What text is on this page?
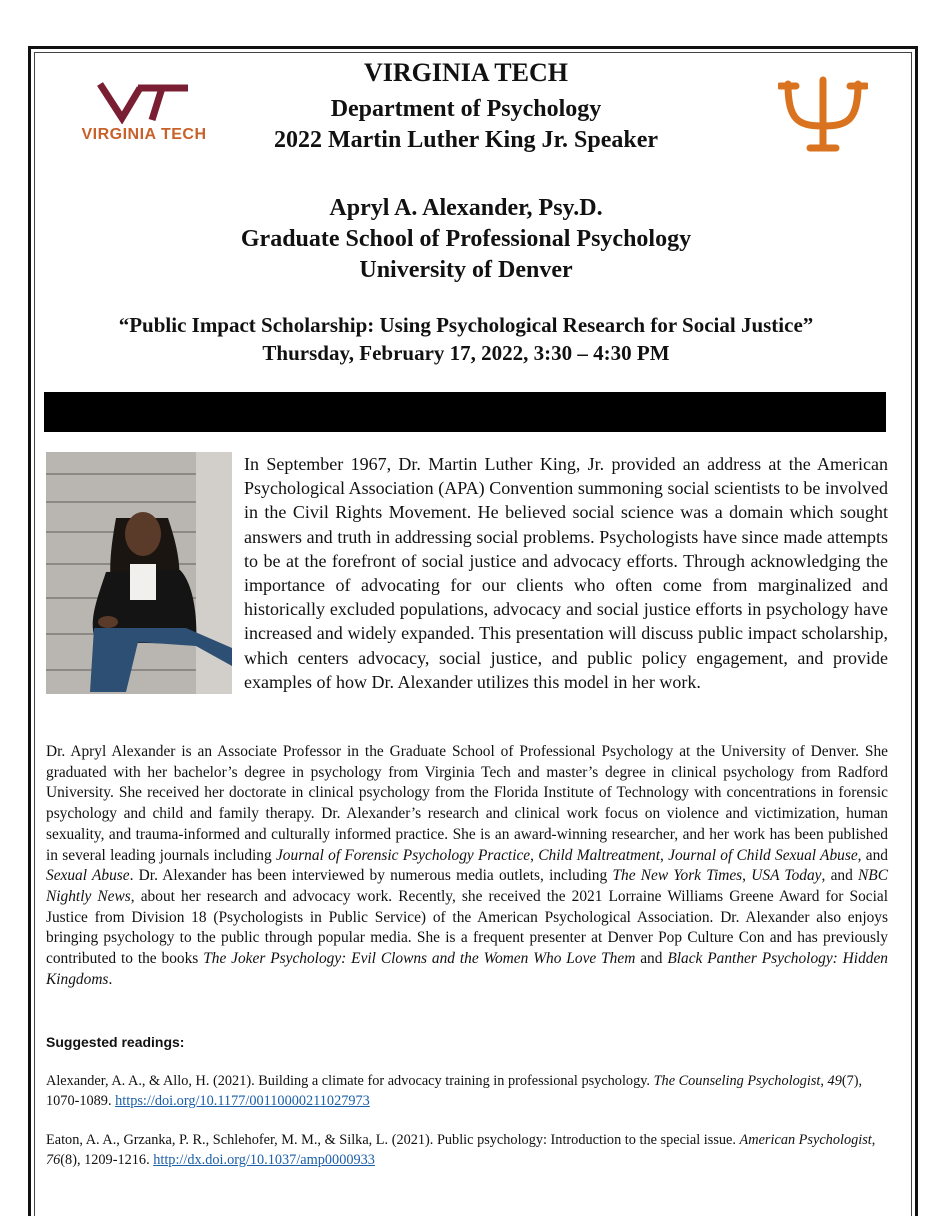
VIRGINIA TECH
VIRGINIA TECH
Department of Psychology
2022 Martin Luther King Jr. Speaker
Apryl A. Alexander, Psy.D.
Graduate School of Professional Psychology
University of Denver
“Public Impact Scholarship: Using Psychological Research for Social Justice”
Thursday, February 17, 2022, 3:30 – 4:30 PM

In September 1967, Dr. Martin Luther King, Jr. provided an address at the American Psychological Association (APA) Convention summoning social scientists to be involved in the Civil Rights Movement. He believed social science was a domain which sought answers and truth in addressing social problems. Psychologists have since made attempts to be at the forefront of social justice and advocacy efforts. Through acknowledging the importance of advocating for our clients who often come from marginalized and historically excluded populations, advocacy and social justice efforts in psychology have increased and widely expanded. This presentation will discuss public impact scholarship, which centers advocacy, social justice, and public policy engagement, and provide examples of how Dr. Alexander utilizes this model in her work.

Dr. Apryl Alexander is an Associate Professor in the Graduate School of Professional Psychology at the University of Denver. She graduated with her bachelor’s degree in psychology from Virginia Tech and master’s degree in clinical psychology from Radford University. She received her doctorate in clinical psychology from the Florida Institute of Technology with concentrations in forensic psychology and child and family therapy. Dr. Alexander’s research and clinical work focus on violence and victimization, human sexuality, and trauma-informed and culturally informed practice. She is an award-winning researcher, and her work has been published in several leading journals including Journal of Forensic Psychology Practice, Child Maltreatment, Journal of Child Sexual Abuse, and Sexual Abuse. Dr. Alexander has been interviewed by numerous media outlets, including The New York Times, USA Today, and NBC Nightly News, about her research and advocacy work. Recently, she received the 2021 Lorraine Williams Greene Award for Social Justice from Division 18 (Psychologists in Public Service) of the American Psychological Association. Dr. Alexander also enjoys bringing psychology to the public through popular media. She is a frequent presenter at Denver Pop Culture Con and has previously contributed to the books The Joker Psychology: Evil Clowns and the Women Who Love Them and Black Panther Psychology: Hidden Kingdoms.

Suggested readings:

Alexander, A. A., & Allo, H. (2021). Building a climate for advocacy training in professional psychology. The Counseling Psychologist, 49(7), 1070-1089. https://doi.org/10.1177/00110000211027973

Eaton, A. A., Grzanka, P. R., Schlehofer, M. M., & Silka, L. (2021). Public psychology: Introduction to the special issue. American Psychologist, 76(8), 1209-1216. http://dx.doi.org/10.1037/amp0000933
